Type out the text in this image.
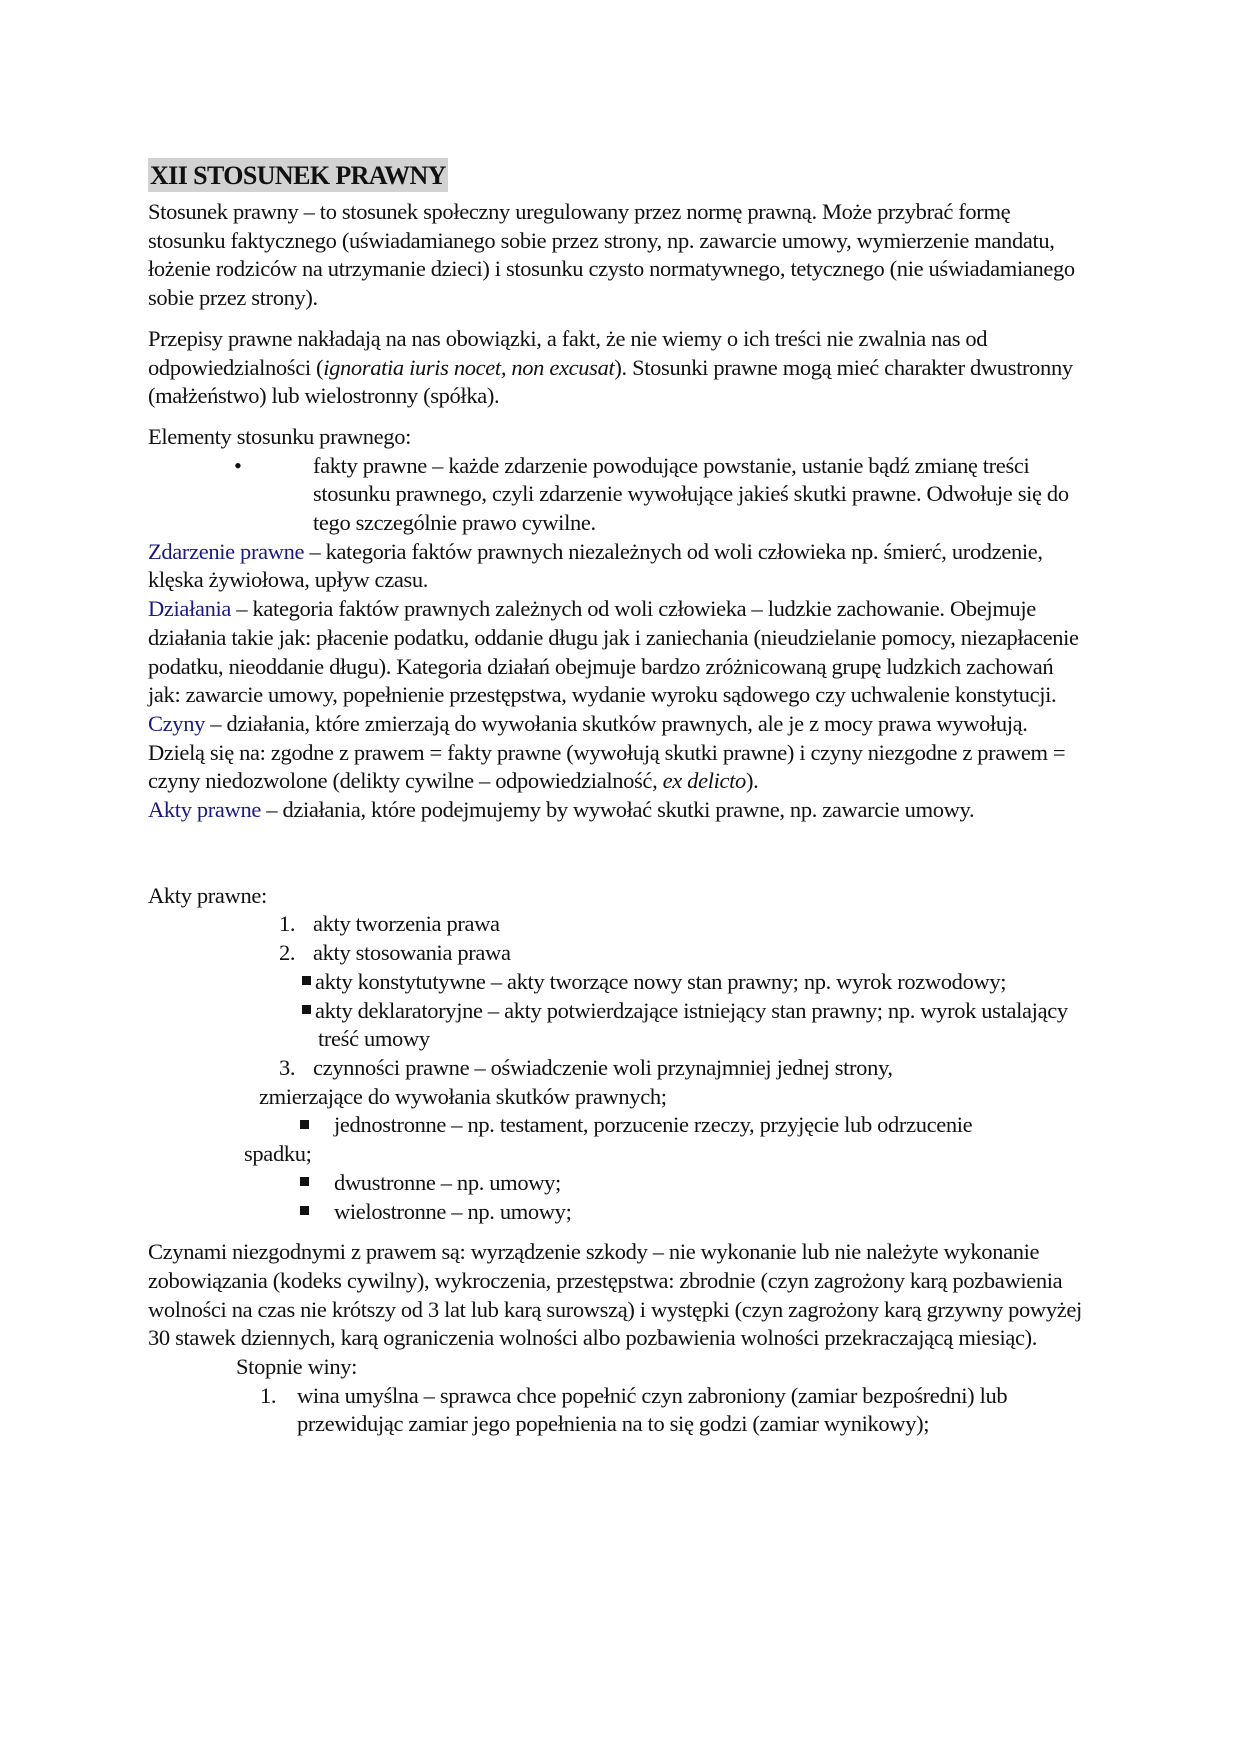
XII STOSUNEK PRAWNY

Stosunek prawny – to stosunek społeczny uregulowany przez normę prawną. Może przybrać formę stosunku faktycznego (uświadamianego sobie przez strony, np. zawarcie umowy, wymierzenie mandatu, łożenie rodziców na utrzymanie dzieci) i stosunku czysto normatywnego, tetycznego (nie uświadamianego sobie przez strony).

Przepisy prawne nakładają na nas obowiązki, a fakt, że nie wiemy o ich treści nie zwalnia nas od odpowiedzialności (ignoratia iuris nocet, non excusat). Stosunki prawne mogą mieć charakter dwustronny (małżeństwo) lub wielostronny (spółka).

Elementy stosunku prawnego:

•	fakty prawne – każde zdarzenie powodujące powstanie, ustanie bądź zmianę treści stosunku prawnego, czyli zdarzenie wywołujące jakieś skutki prawne. Odwołuje się do tego szczególnie prawo cywilne.

Zdarzenie prawne – kategoria faktów prawnych niezależnych od woli człowieka np. śmierć, urodzenie, klęska żywiołowa, upływ czasu.

Działania – kategoria faktów prawnych zależnych od woli człowieka – ludzkie zachowanie. Obejmuje działania takie jak: płacenie podatku, oddanie długu jak i zaniechania (nieudzielanie pomocy, niezapłacenie podatku, nieoddanie długu). Kategoria działań obejmuje bardzo zróżnicowaną grupę ludzkich zachowań jak: zawarcie umowy, popełnienie przestępstwa, wydanie wyroku sądowego czy uchwalenie konstytucji.

Czyny – działania, które zmierzają do wywołania skutków prawnych, ale je z mocy prawa wywołują. Dzielą się na: zgodne z prawem = fakty prawne (wywołują skutki prawne) i czyny niezgodne z prawem = czyny niedozwolone (delikty cywilne – odpowiedzialność, ex delicto).

Akty prawne – działania, które podejmujemy by wywołać skutki prawne, np. zawarcie umowy.

Akty prawne:

1. akty tworzenia prawa
2. akty stosowania prawa
akty konstytutywne – akty tworzące nowy stan prawny; np. wyrok rozwodowy;
akty deklaratoryjne – akty potwierdzające istniejący stan prawny; np. wyrok ustalający treść umowy
3. czynności prawne – oświadczenie woli przynajmniej jednej strony,
zmierzające do wywołania skutków prawnych;
jednostronne – np. testament, porzucenie rzeczy, przyjęcie lub odrzucenie
spadku;
dwustronne – np. umowy;
wielostronne – np. umowy;

Czynami niezgodnymi z prawem są: wyrządzenie szkody – nie wykonanie lub nie należyte wykonanie zobowiązania (kodeks cywilny), wykroczenia, przestępstwa: zbrodnie (czyn zagrożony karą pozbawienia wolności na czas nie krótszy od 3 lat lub karą surowszą) i występki (czyn zagrożony karą grzywny powyżej 30 stawek dziennych, karą ograniczenia wolności albo pozbawienia wolności przekraczającą miesiąc).

Stopnie winy:

1. wina umyślna – sprawca chce popełnić czyn zabroniony (zamiar bezpośredni) lub przewidując zamiar jego popełnienia na to się godzi (zamiar wynikowy);
